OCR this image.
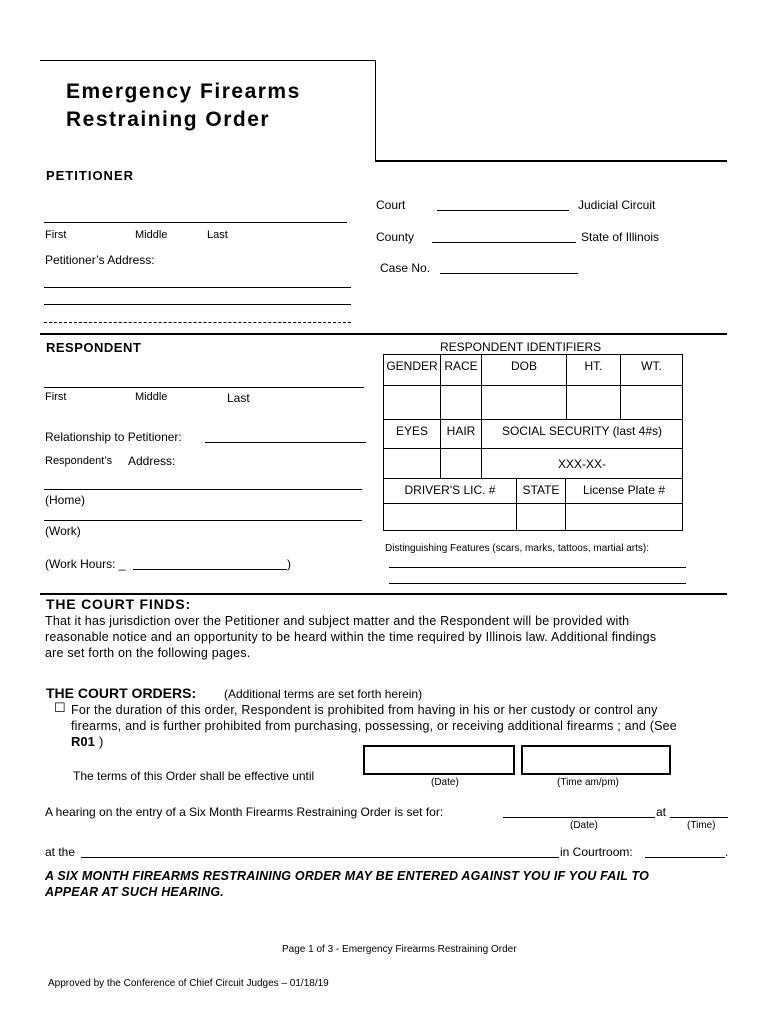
Emergency Firearms
Restraining Order
PETITIONER
First	Middle	Last
Petitioner’s Address:
Court	Judicial Circuit
County	State of Illinois
Case No.
RESPONDENT
First	Middle	Last
Relationship to Petitioner:
Respondent’s Address:
(Home)
(Work)
(Work Hours: _	)
RESPONDENT IDENTIFIERS
GENDER RACE	DOB	HT.	WT.
EYES	HAIR	SOCIAL SECURITY (last 4#s)
XXX-XX-
DRIVER'S LIC. #	STATE	License Plate #
Distinguishing Features (scars, marks, tattoos, martial arts):
THE COURT FINDS:
That it has jurisdiction over the Petitioner and subject matter and the Respondent will be provided with
reasonable notice and an opportunity to be heard within the time required by Illinois law. Additional findings
are set forth on the following pages.
THE COURT ORDERS: (Additional terms are set forth herein)
☐ For the duration of this order, Respondent is prohibited from having in his or her custody or control any
firearms, and is further prohibited from purchasing, possessing, or receiving additional firearms ; and (See
R01 )
The terms of this Order shall be effective until	(Date)	(Time am/pm)
A hearing on the entry of a Six Month Firearms Restraining Order is set for:	at
(Date)	(Time)
at the	in Courtroom:	.
A SIX MONTH FIREARMS RESTRAINING ORDER MAY BE ENTERED AGAINST YOU IF YOU FAIL TO
APPEAR AT SUCH HEARING.
Page 1 of 3 - Emergency Firearms Restraining Order
Approved by the Conference of Chief Circuit Judges – 01/18/19
